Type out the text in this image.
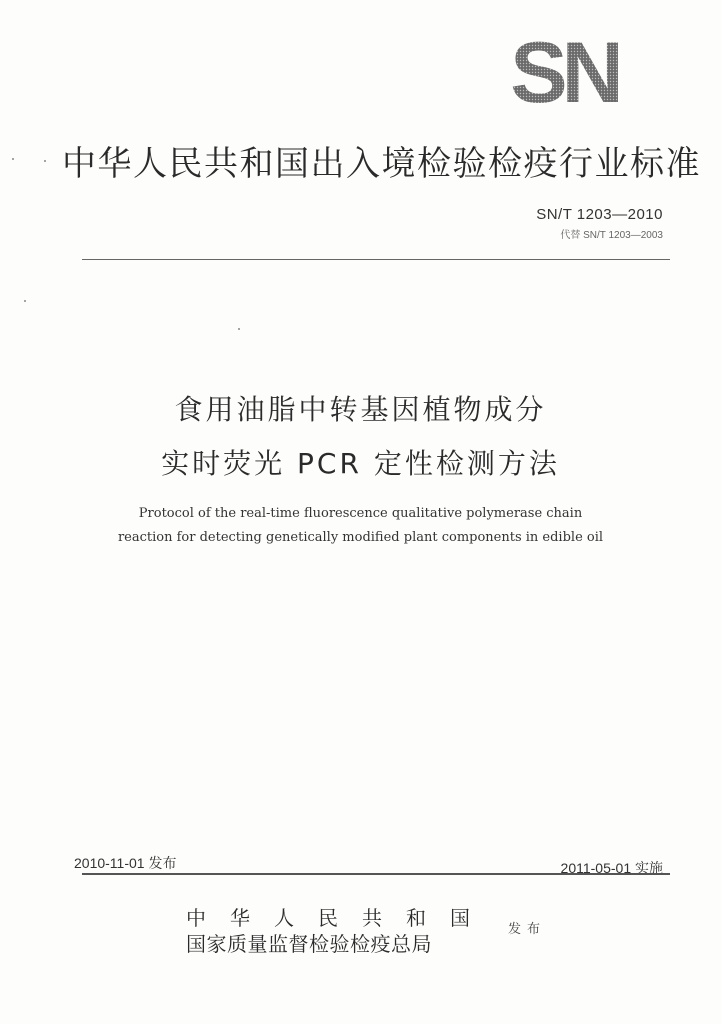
SN
中华人民共和国出入境检验检疫行业标准
SN/T 1203—2010
代替 SN/T 1203—2003
食用油脂中转基因植物成分
实时荧光 PCR 定性检测方法
Protocol of the real-time fluorescence qualitative polymerase chain
reaction for detecting genetically modified plant components in edible oil
2010-11-01 发布	2011-05-01 实施
中华人民共和国
国家质量监督检验检疫总局
发布
